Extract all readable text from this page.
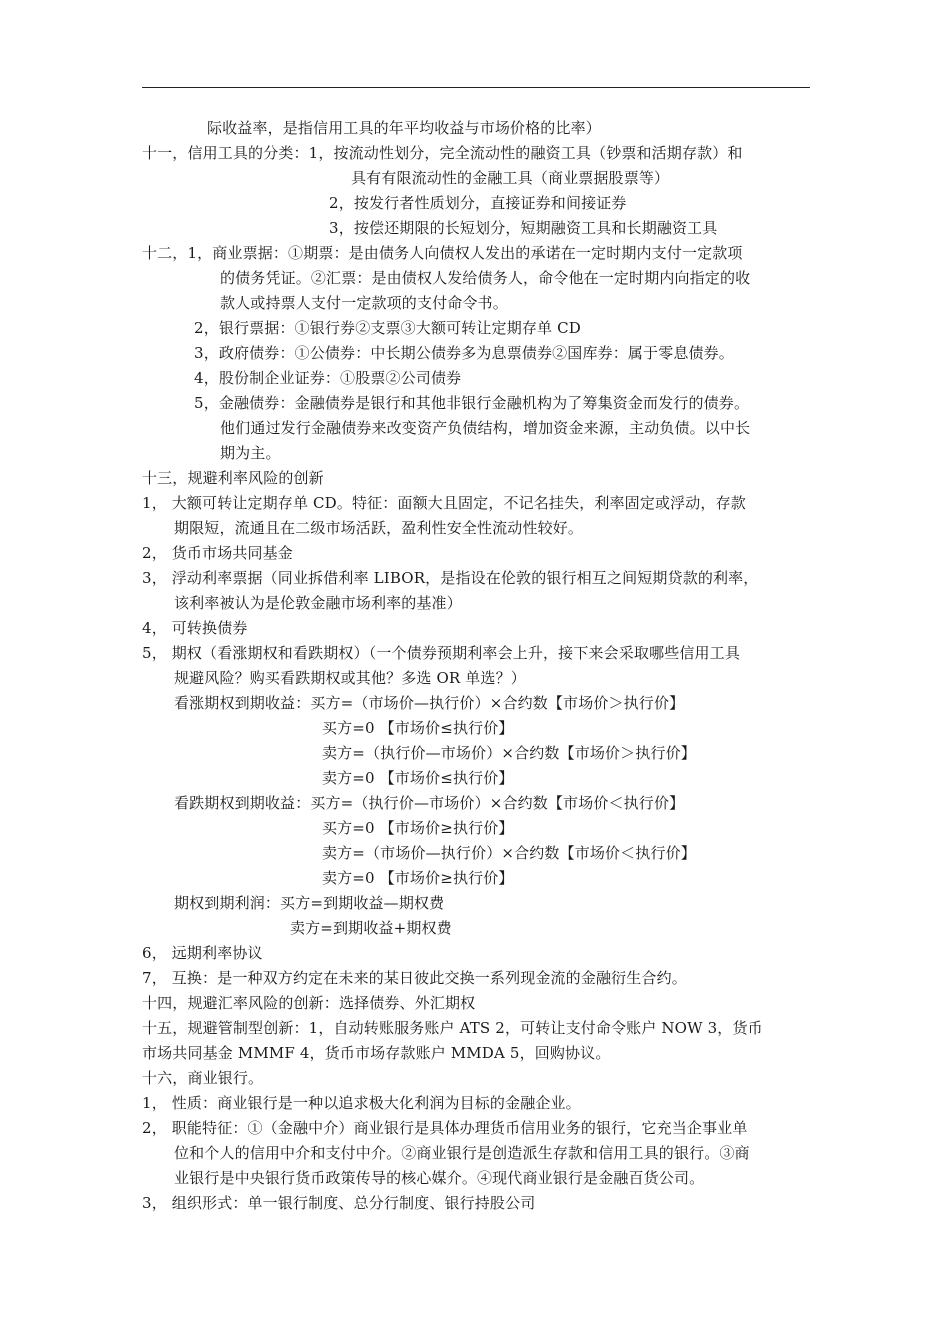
际收益率，是指信用工具的年平均收益与市场价格的比率）
十一，信用工具的分类：1，按流动性划分，完全流动性的融资工具（钞票和活期存款）和
具有有限流动性的金融工具（商业票据股票等）
2，按发行者性质划分，直接证券和间接证券
3，按偿还期限的长短划分，短期融资工具和长期融资工具
十二，1，商业票据：①期票：是由债务人向债权人发出的承诺在一定时期内支付一定款项
的债务凭证。②汇票：是由债权人发给债务人，命令他在一定时期内向指定的收
款人或持票人支付一定款项的支付命令书。
2，银行票据：①银行券②支票③大额可转让定期存单 CD
3，政府债券：①公债券：中长期公债券多为息票债券②国库券：属于零息债券。
4，股份制企业证券：①股票②公司债券
5，金融债券：金融债券是银行和其他非银行金融机构为了筹集资金而发行的债券。
他们通过发行金融债券来改变资产负债结构，增加资金来源，主动负债。以中长
期为主。
十三，规避利率风险的创新
1， 大额可转让定期存单 CD。特征：面额大且固定，不记名挂失，利率固定或浮动，存款
期限短，流通且在二级市场活跃，盈利性安全性流动性较好。
2， 货币市场共同基金
3， 浮动利率票据（同业拆借利率 LIBOR，是指设在伦敦的银行相互之间短期贷款的利率，
该利率被认为是伦敦金融市场利率的基准）
4， 可转换债券
5， 期权（看涨期权和看跌期权）（一个债券预期利率会上升，接下来会采取哪些信用工具
规避风险？购买看跌期权或其他？多选 OR 单选？）
看涨期权到期收益：买方=（市场价—执行价）×合约数【市场价＞执行价】
买方=0 【市场价≤执行价】
卖方=（执行价—市场价）×合约数【市场价＞执行价】
卖方=0 【市场价≤执行价】
看跌期权到期收益：买方=（执行价—市场价）×合约数【市场价＜执行价】
买方=0 【市场价≥执行价】
卖方=（市场价—执行价）×合约数【市场价＜执行价】
卖方=0 【市场价≥执行价】
期权到期利润：买方=到期收益—期权费
卖方=到期收益+期权费
6， 远期利率协议
7， 互换：是一种双方约定在未来的某日彼此交换一系列现金流的金融衍生合约。
十四，规避汇率风险的创新：选择债券、外汇期权
十五，规避管制型创新：1，自动转账服务账户 ATS 2，可转让支付命令账户 NOW 3，货币
市场共同基金 MMMF 4，货币市场存款账户 MMDA 5，回购协议。
十六，商业银行。
1， 性质：商业银行是一种以追求极大化利润为目标的金融企业。
2， 职能特征：①（金融中介）商业银行是具体办理货币信用业务的银行，它充当企事业单
位和个人的信用中介和支付中介。②商业银行是创造派生存款和信用工具的银行。③商
业银行是中央银行货币政策传导的核心媒介。④现代商业银行是金融百货公司。
3， 组织形式：单一银行制度、总分行制度、银行持股公司
